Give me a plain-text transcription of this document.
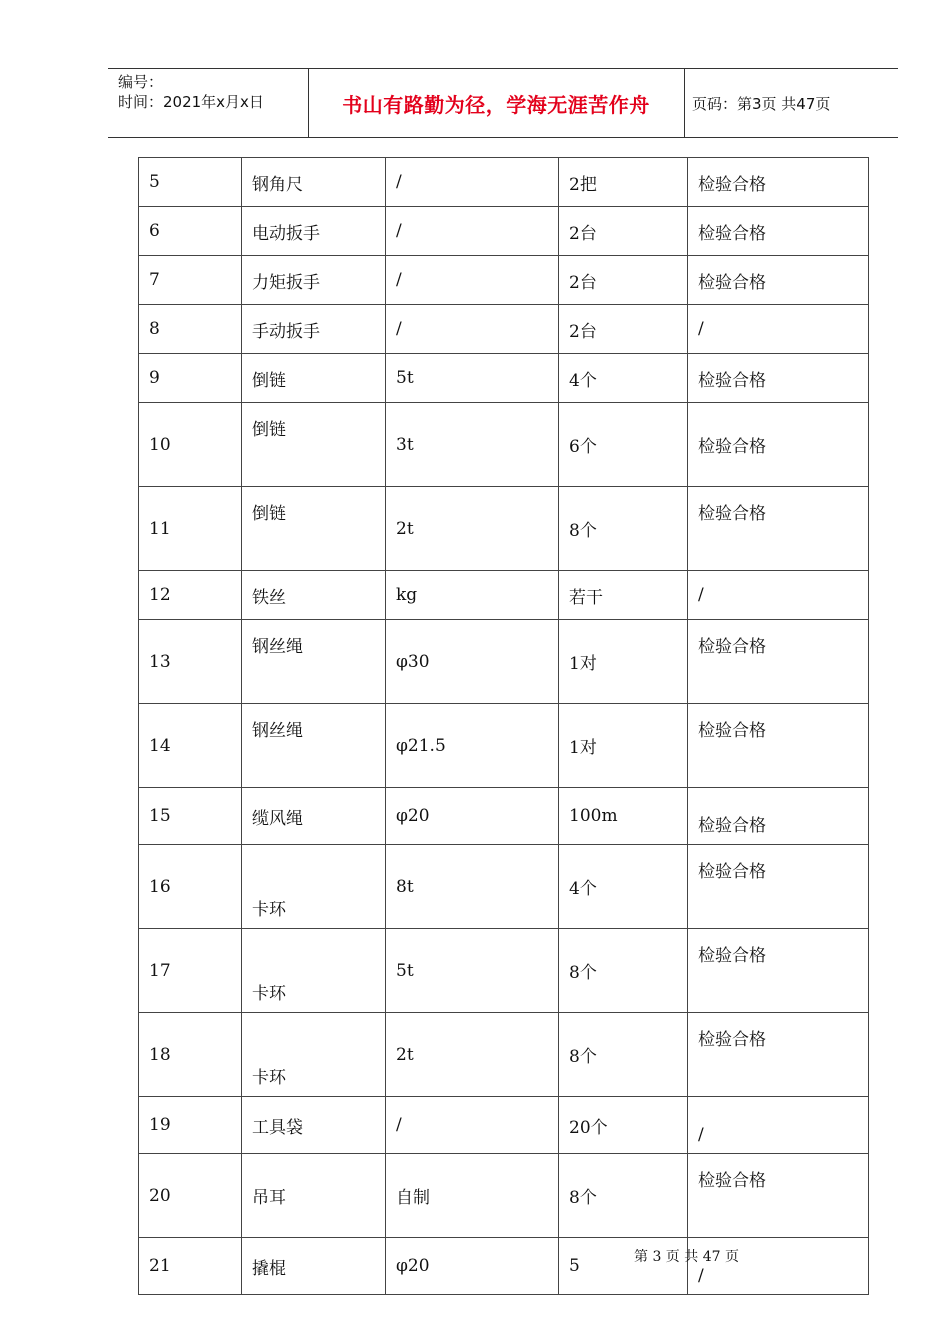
编号：
时间：2021年x月x日	书山有路勤为径，学海无涯苦作舟	页码：第3页 共47页
5	钢角尺	/	2把	检验合格
6	电动扳手	/	2台	检验合格
7	力矩扳手	/	2台	检验合格
8	手动扳手	/	2台	/
9	倒链	5t	4个	检验合格
10	倒链	3t	6个	检验合格
11	倒链	2t	8个	检验合格
12	铁丝	kg	若干	/
13	钢丝绳	φ30	1对	检验合格
14	钢丝绳	φ21.5	1对	检验合格
15	缆风绳	φ20	100m	检验合格
16	卡环	8t	4个	检验合格
17	卡环	5t	8个	检验合格
18	卡环	2t	8个	检验合格
19	工具袋	/	20个	/
20	吊耳	自制	8个	检验合格
21	撬棍	φ20	5	/
第 3 页 共 47 页
